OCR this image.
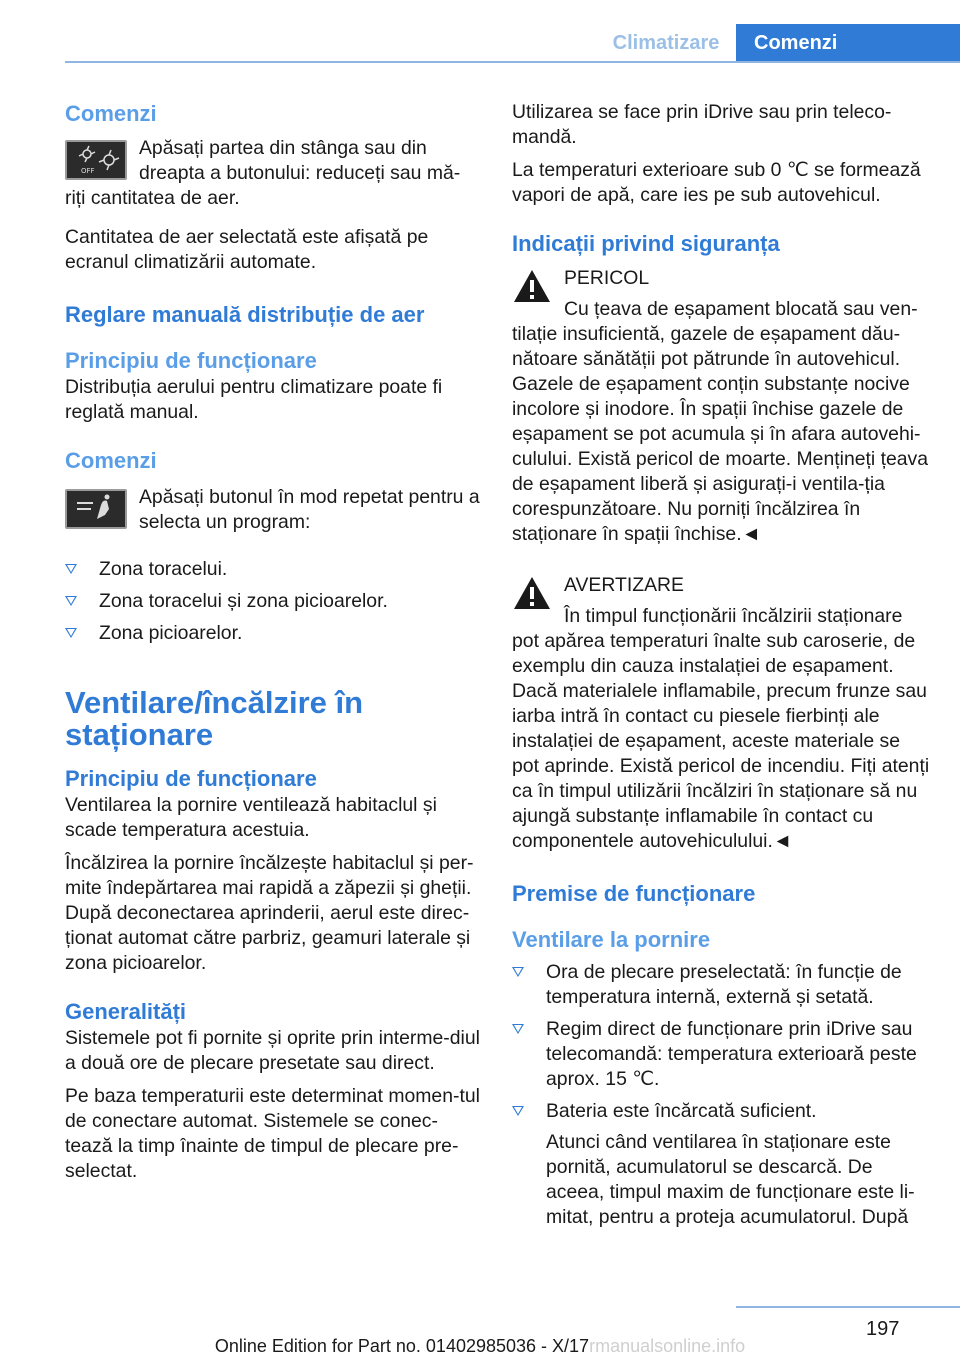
Climatizare	Comenzi

Comenzi

OFF

Apăsați partea din stânga sau din dreapta a butonului: reduceți sau mă-riți cantitatea de aer.

Cantitatea de aer selectată este afișată pe ecranul climatizării automate.

Reglare manuală distribuție de aer

Principiu de funcționare

Distribuția aerului pentru climatizare poate fi reglată manual.

Comenzi

Apăsați butonul în mod repetat pentru a selecta un program:

Zona toracelui.
Zona toracelui și zona picioarelor.
Zona picioarelor.

Ventilare/încălzire în staționare

Principiu de funcționare

Ventilarea la pornire ventilează habitaclul și scade temperatura acestuia.

Încălzirea la pornire încălzește habitaclul și per-mite îndepărtarea mai rapidă a zăpezii și gheții. După deconectarea aprinderii, aerul este direc-ționat automat către parbriz, geamuri laterale și zona picioarelor.

Generalități

Sistemele pot fi pornite și oprite prin interme-diul a două ore de plecare presetate sau direct.

Pe baza temperaturii este determinat momen-tul de conectare automat. Sistemele se conec-tează la timp înainte de timpul de plecare pre-selectat.

Utilizarea se face prin iDrive sau prin teleco-mandă.

La temperaturi exterioare sub 0 ℃ se formează vapori de apă, care ies pe sub autovehicul.

Indicații privind siguranța

PERICOL

Cu țeava de eșapament blocată sau ven-tilație insuficientă, gazele de eșapament dău-nătoare sănătății pot pătrunde în autovehicul. Gazele de eșapament conțin substanțe nocive incolore și inodore. În spații închise gazele de eșapament se pot acumula și în afara autovehi-culului. Există pericol de moarte. Mențineți țeava de eșapament liberă și asigurați-i ventila-ția corespunzătoare. Nu porniți încălzirea în staționare în spații închise.◄

AVERTIZARE

În timpul funcționării încălzirii staționare pot apărea temperaturi înalte sub caroserie, de exemplu din cauza instalației de eșapament. Dacă materialele inflamabile, precum frunze sau iarba intră în contact cu piesele fierbinți ale instalației de eșapament, aceste materiale se pot aprinde. Există pericol de incendiu. Fiți atenți ca în timpul utilizării încălziri în staționare să nu ajungă substanțe inflamabile în contact cu componentele autovehiculului.◄

Premise de funcționare

Ventilare la pornire

Ora de plecare preselectată: în funcție de temperatura internă, externă și setată.
Regim direct de funcționare prin iDrive sau telecomandă: temperatura exterioară peste aprox. 15 ℃.
Bateria este încărcată suficient.

Atunci când ventilarea în staționare este pornită, acumulatorul se descarcă. De aceea, timpul maxim de funcționare este li-mitat, pentru a proteja acumulatorul. După

197
Online Edition for Part no. 01402985036 - X/17rmanualsonline.info
